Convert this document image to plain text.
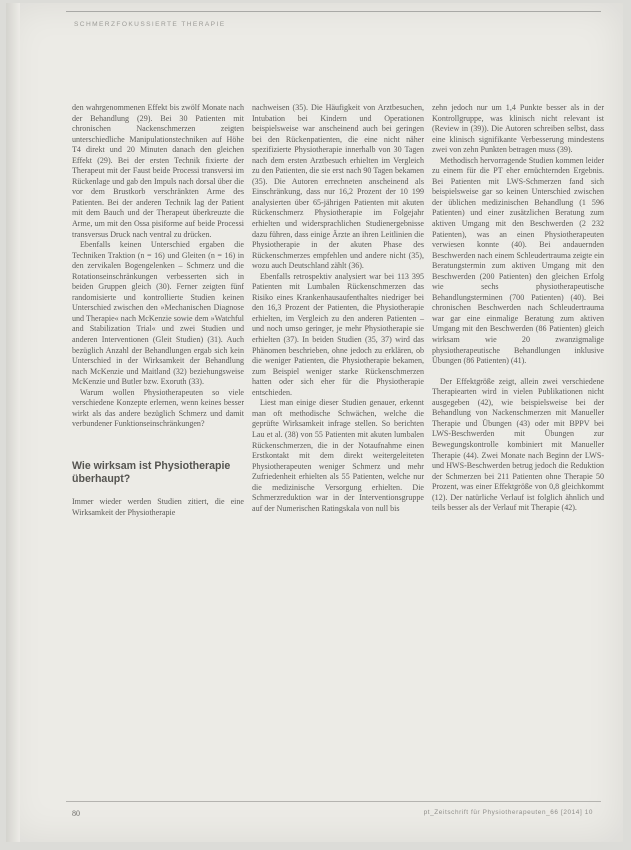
SCHMERZFOKUSSIERTE THERAPIE

den wahrgenommenen Effekt bis zwölf Monate nach der Behandlung (29). Bei 30 Patienten mit chronischen Nackenschmerzen zeigten unterschiedliche Manipulationstechniken auf Höhe T4 direkt und 20 Minuten danach den gleichen Effekt (29). Bei der ersten Technik fixierte der Therapeut mit der Faust beide Processi transversi im Rückenlage und gab den Impuls nach dorsal über die vor dem Brustkorb verschränkten Arme des Patienten. Bei der anderen Technik lag der Patient mit dem Bauch und der Therapeut überkreuzte die Arme, um mit den Ossa pisiforme auf beide Processi transversus Druck nach ventral zu drücken.

Ebenfalls keinen Unterschied ergaben die Techniken Traktion (n = 16) und Gleiten (n = 16) in den zervikalen Bogengelenken – Schmerz und die Rotationseinschränkungen verbesserten sich in beiden Gruppen gleich (30). Ferner zeigten fünf randomisierte und kontrollierte Studien keinen Unterschied zwischen den »Mechanischen Diagnose und Therapie« nach McKenzie sowie dem »Watchful and Stabilization Trial« und zwei Studien und anderen Interventionen (Gleit Studien) (31). Auch bezüglich Anzahl der Behandlungen ergab sich kein Unterschied in der Wirksamkeit der Behandlung nach McKenzie und Maitland (32) beziehungsweise McKenzie und Butler bzw. Exoruth (33).

Warum wollen Physiotherapeuten so viele verschiedene Konzepte erlernen, wenn keines besser wirkt als das andere bezüglich Schmerz und damit verbundener Funktionseinschränkungen?

Wie wirksam ist Physiotherapie überhaupt?

Immer wieder werden Studien zitiert, die eine Wirksamkeit der Physiotherapie

nachweisen (35). Die Häufigkeit von Arztbesuchen, Intubation bei Kindern und Operationen beispielsweise war anscheinend auch bei geringen bei den Rückenpatienten, die eine nicht näher spezifizierte Physiotherapie innerhalb von 30 Tagen nach dem ersten Arztbesuch erhielten im Vergleich zu den Patienten, die sie erst nach 90 Tagen bekamen (35). Die Autoren errechneten anscheinend als Einschränkung, dass nur 16,2 Prozent der 10 199 analysierten über 65-jährigen Patienten mit akuten Rückenschmerz Physiotherapie im Folgejahr erhielten und widersprachlichen Studienergebnisse dazu führen, dass einige Ärzte an ihren Leitlinien die Physiotherapie in der akuten Phase des Rückenschmerzes empfehlen und andere nicht (35), wozu auch Deutschland zählt (36).

Ebenfalls retrospektiv analysiert war bei 113 395 Patienten mit Lumbalen Rückenschmerzen das Risiko eines Krankenhausaufenthaltes niedriger bei den 16,3 Prozent der Patienten, die Physiotherapie erhielten, im Vergleich zu den anderen Patienten – und noch umso geringer, je mehr Physiotherapie sie erhielten (37). In beiden Studien (35, 37) wird das Phänomen beschrieben, ohne jedoch zu erklären, ob die weniger Patienten, die Physiotherapie bekamen, zum Beispiel weniger starke Rückenschmerzen hatten oder sich eher für die Physiotherapie entschieden.

Liest man einige dieser Studien genauer, erkennt man oft methodische Schwächen, welche die geprüfte Wirksamkeit infrage stellen. So berichten Lau et al. (38) von 55 Patienten mit akuten lumbalen Rückenschmerzen, die in der Notaufnahme einen Erstkontakt mit dem direkt weitergeleiteten Physiotherapeuten weniger Schmerz und mehr Zufriedenheit erhielten als 55 Patienten, welche nur die medizinische Versorgung erhielten. Die Schmerzreduktion war in der Interventionsgruppe auf der Numerischen Ratingskala von null bis

zehn jedoch nur um 1,4 Punkte besser als in der Kontrollgruppe, was klinisch nicht relevant ist (Review in (39)). Die Autoren schreiben selbst, dass eine klinisch signifikante Verbesserung mindestens zwei von zehn Punkten betragen muss (39).

Methodisch hervorragende Studien kommen leider zu einem für die PT eher ernüchternden Ergebnis. Bei Patienten mit LWS-Schmerzen fand sich beispielsweise gar so keinen Unterschied zwischen der üblichen medizinischen Behandlung (1 596 Patienten) und einer zusätzlichen Beratung zum aktiven Umgang mit den Beschwerden (2 232 Patienten), was an einen Physiotherapeuten verwiesen konnte (40). Bei andauernden Beschwerden nach einem Schleudertrauma zeigte ein Beratungstermin zum aktiven Umgang mit den Beschwerden (200 Patienten) den gleichen Erfolg wie sechs physiotherapeutische Behandlungsterminen (700 Patienten) (40). Bei chronischen Beschwerden nach Schleudertrauma war gar eine einmalige Beratung zum aktiven Umgang mit den Beschwerden (86 Patienten) gleich wirksam wie 20 zwanzigmalige physiotherapeutische Behandlungen inklusive Übungen (86 Patienten) (41).

Der Effektgröße zeigt, allein zwei verschiedene Therapiearten wird in vielen Publikationen nicht ausgegeben (42), wie beispielsweise bei der Behandlung von Nackenschmerzen mit Manueller Therapie und Übungen (43) oder mit BPPV bei LWS-Beschwerden mit Übungen zur Bewegungskontrolle kombiniert mit Manueller Therapie (44). Zwei Monate nach Beginn der LWS- und HWS-Beschwerden betrug jedoch die Reduktion der Schmerzen bei 211 Patienten ohne Therapie 50 Prozent, was einer Effektgröße von 0,8 gleichkommt (12). Der natürliche Verlauf ist folglich ähnlich und teils besser als der Verlauf mit Therapie (42).

80	pt_Zeitschrift für Physiotherapeuten_66 [2014] 10
